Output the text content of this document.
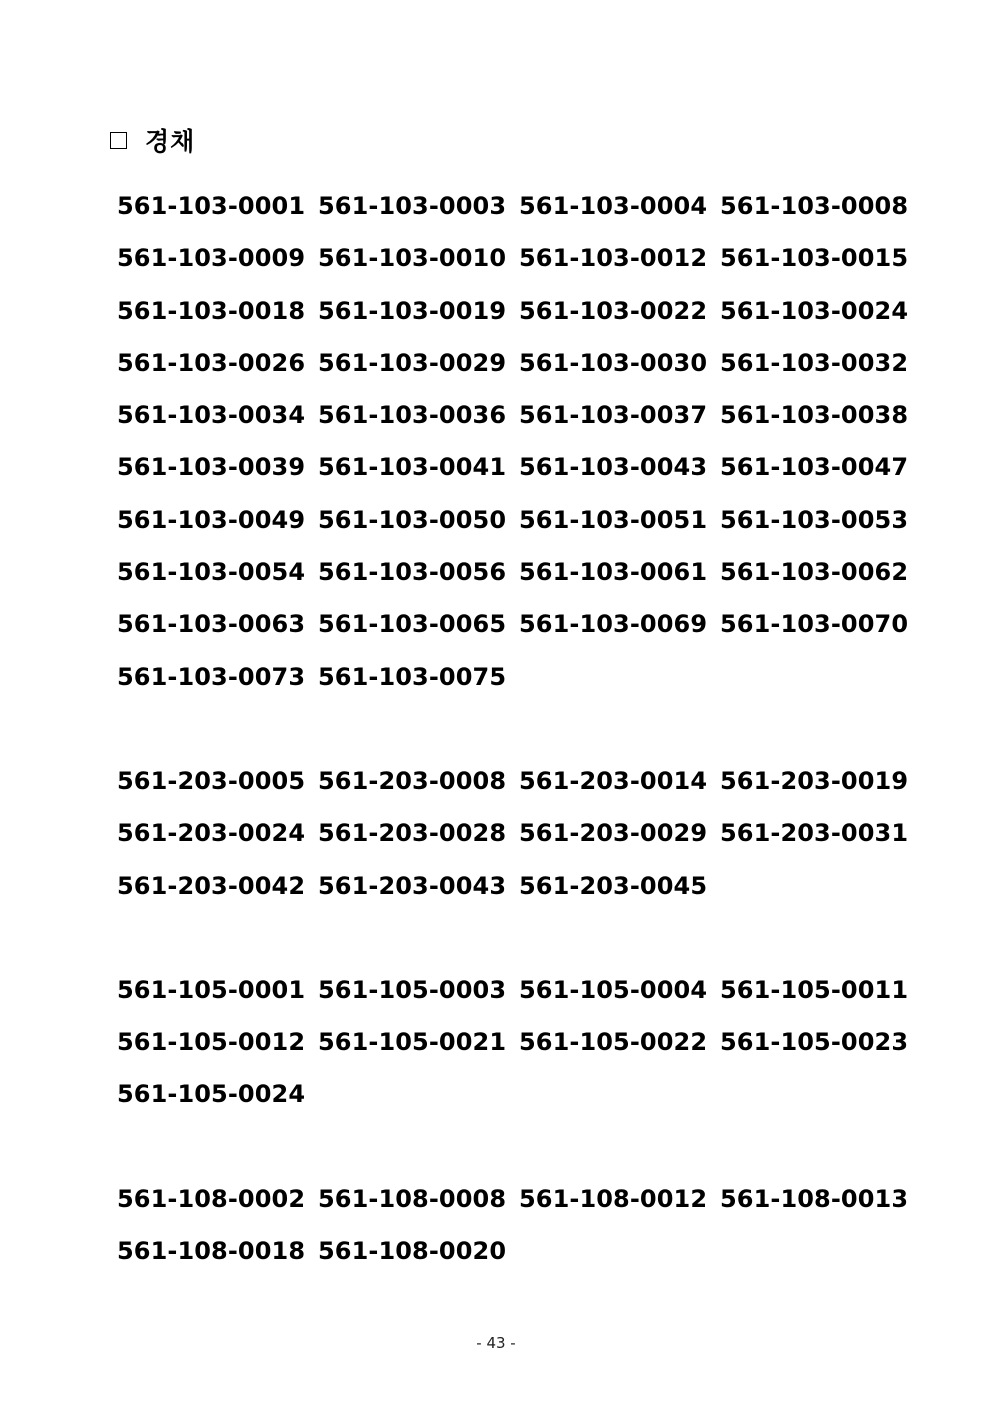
경채
561-103-0001 561-103-0003 561-103-0004 561-103-0008
561-103-0009 561-103-0010 561-103-0012 561-103-0015
561-103-0018 561-103-0019 561-103-0022 561-103-0024
561-103-0026 561-103-0029 561-103-0030 561-103-0032
561-103-0034 561-103-0036 561-103-0037 561-103-0038
561-103-0039 561-103-0041 561-103-0043 561-103-0047
561-103-0049 561-103-0050 561-103-0051 561-103-0053
561-103-0054 561-103-0056 561-103-0061 561-103-0062
561-103-0063 561-103-0065 561-103-0069 561-103-0070
561-103-0073 561-103-0075
561-203-0005 561-203-0008 561-203-0014 561-203-0019
561-203-0024 561-203-0028 561-203-0029 561-203-0031
561-203-0042 561-203-0043 561-203-0045
561-105-0001 561-105-0003 561-105-0004 561-105-0011
561-105-0012 561-105-0021 561-105-0022 561-105-0023
561-105-0024
561-108-0002 561-108-0008 561-108-0012 561-108-0013
561-108-0018 561-108-0020
- 43 -
